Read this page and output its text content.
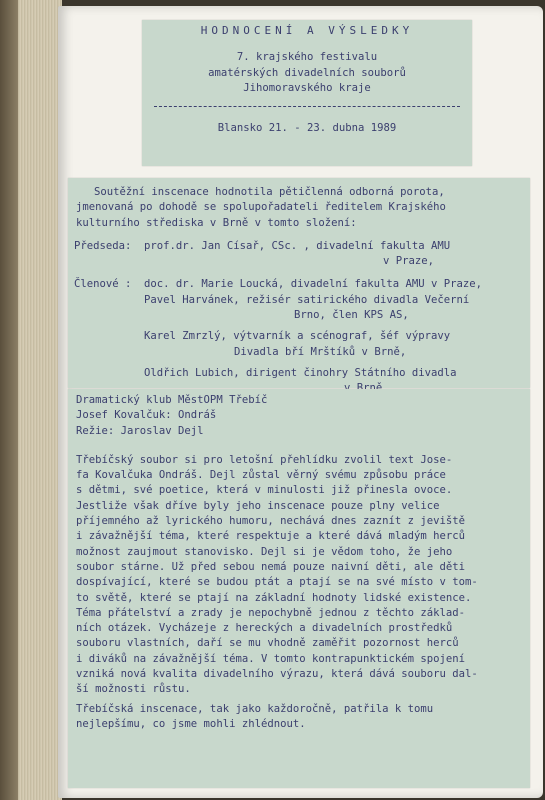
HODNOCENÍ A VÝSLEDKY
7. krajského festivalu
amatérských divadelních souborů
Jihomoravského kraje
Blansko 21. - 23. dubna 1989
Soutěžní inscenace hodnotila pětičlenná odborná porota,
jmenovaná po dohodě se spolupořadateli ředitelem Krajského
kulturního střediska v Brně v tomto složení:
Předseda:	prof.dr. Jan Císař, CSc. , divadelní fakulta AMU
v Praze,
Členové :	doc. dr. Marie Loucká, divadelní fakulta AMU v Praze,
Pavel Harvánek, režisér satirického divadla Večerní
Brno, člen KPS AS,
Karel Zmrzlý, výtvarník a scénograf, šéf výpravy
Divadla bří Mrštíků v Brně,
Oldřich Lubich, dirigent činohry Státního divadla
Dramatický klub MěstOPM Třebíč
Josef Kovalčuk: Ondráš
Režie: Jaroslav Dejl
Třebíčský soubor si pro letošní přehlídku zvolil text Jose-
fa Kovalčuka Ondráš. Dejl zůstal věrný svému způsobu práce
s dětmi, své poetice, která v minulosti již přinesla ovoce.
Jestliže však dříve byly jeho inscenace pouze plny velice
příjemného až lyrického humoru, nechává dnes zaznít z jeviště
i závažnější téma, které respektuje a které dává mladým herců
možnost zaujmout stanovisko. Dejl si je vědom toho, že jeho
soubor stárne. Už před sebou nemá pouze naivní děti, ale děti
dospívající, které se budou ptát a ptají se na své místo v tom-
to světě, které se ptají na základní hodnoty lidské existence.
Téma přátelství a zrady je nepochybně jednou z těchto základ-
ních otázek. Vycházeje z hereckých a divadelních prostředků
souboru vlastních, daří se mu vhodně zaměřit pozornost herců
i diváků na závažnější téma. V tomto kontrapunktickém spojení
vzniká nová kvalita divadelního výrazu, která dává souboru dal-
ší možnosti růstu.
Třebíčská inscenace, tak jako každoročně, patřila k tomu
nejlepšímu, co jsme mohli zhlédnout.
